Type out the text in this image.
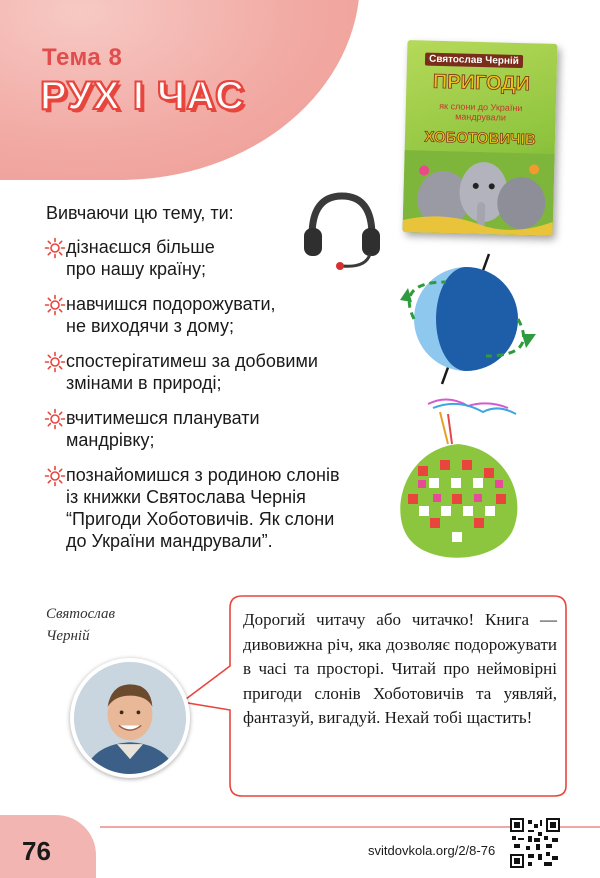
Тема 8
РУХ І ЧАС
Святослав Черній
ПРИГОДИ
як слони до України мандрували
ХОБОТОВИЧІВ
Вивчаючи цю тему, ти:
дізнаєшся більше
про нашу країну;
навчишся подорожувати,
не виходячи з дому;
спостерігатимеш за добовими
змінами в природі;
вчитимешся планувати
мандрівку;
познайомишся з родиною слонів
із книжки Святослава Чернія
“Пригоди Хоботовичів. Як слони
до України мандрували”.
Святослав
Черній
Дорогий читачу або читачко! Книга — дивовижна річ, яка дозволяє подорожувати в часі та просторі. Читай про неймовірні пригоди слонів Хоботовичів та уявляй, фантазуй, вигадуй. Нехай тобі щастить!
76	svitdovkola.org/2/8-76
